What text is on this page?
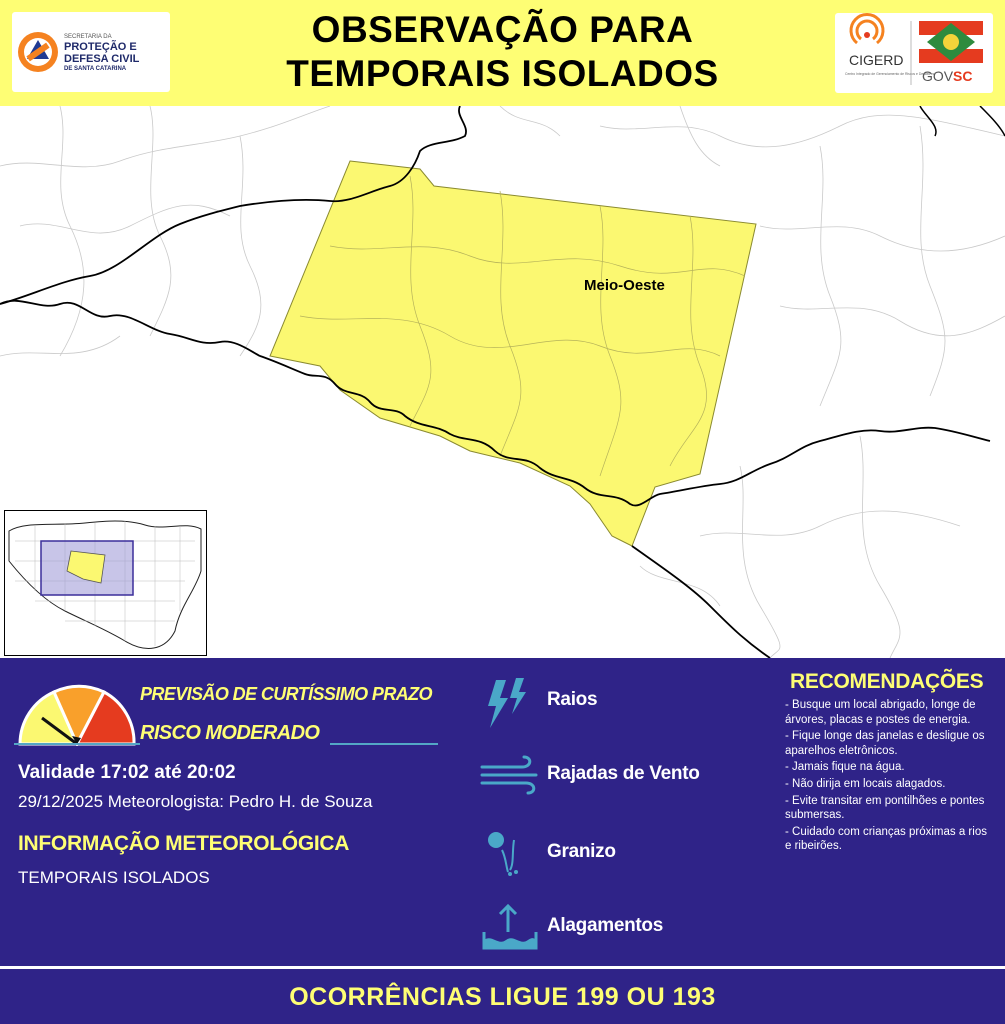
SECRETARIA DA
PROTEÇÃO E
DEFESA CIVIL
DE SANTA CATARINA
OBSERVAÇÃO PARA
TEMPORAIS ISOLADOS	CIGERD
Centro Integrado de Gerenciamento de Riscos e Desastres
GOV SC
Meio-Oeste
PREVISÃO DE CURTÍSSIMO PRAZO
RISCO MODERADO
Validade 17:02 até 20:02
29/12/2025 Meteorologista: Pedro H. de Souza
INFORMAÇÃO METEOROLÓGICA
TEMPORAIS ISOLADOS
Raios
Rajadas de Vento
Granizo
Alagamentos
RECOMENDAÇÕES
- Busque um local abrigado, longe de árvores, placas e postes de energia.
- Fique longe das janelas e desligue os aparelhos eletrônicos.
- Jamais fique na água.
- Não dirija em locais alagados.
- Evite transitar em pontilhões e pontes submersas.
- Cuidado com crianças próximas a rios e ribeirões.
OCORRÊNCIAS LIGUE 199 OU 193
